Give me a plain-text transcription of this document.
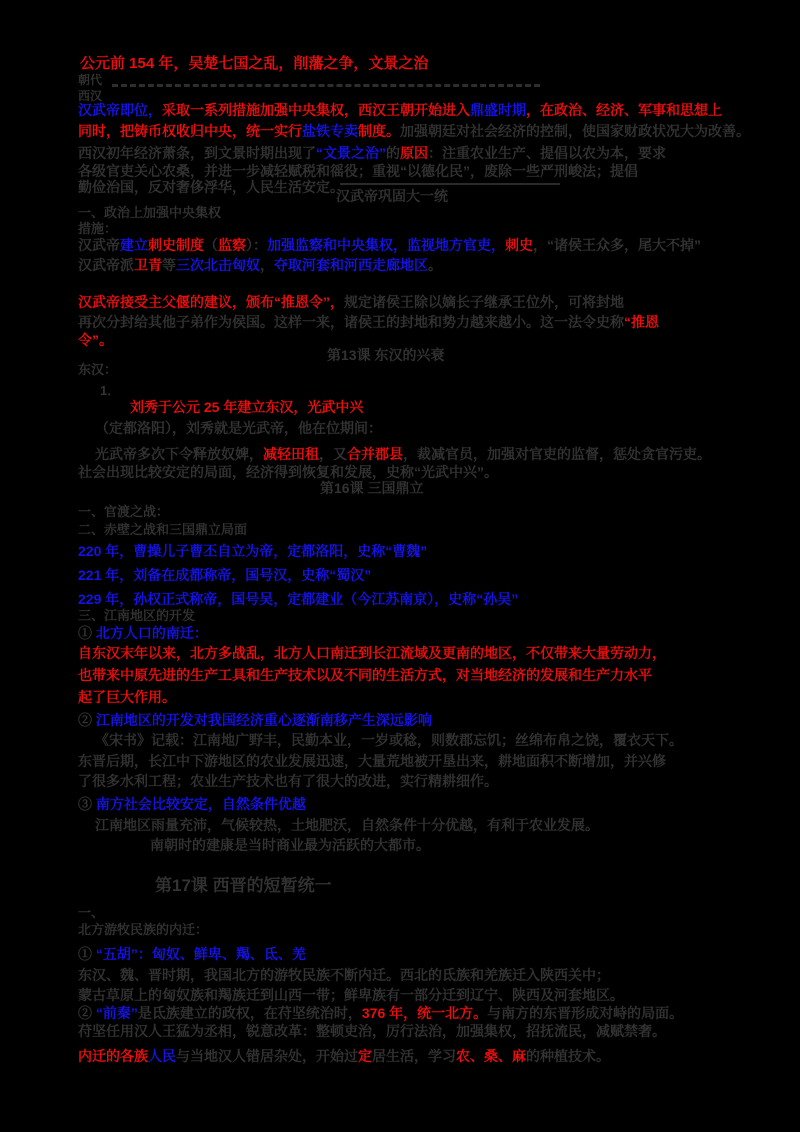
公元前 154 年，吴楚七国之乱，削藩之争，文景之治
朝代
西汉
汉武帝即位，采取一系列措施加强中央集权，西汉王朝开始进入鼎盛时期，在政治、经济、军事和思想上
同时，把铸币权收归中央，统一实行盐铁专卖制度。加强朝廷对社会经济的控制，使国家财政状况大为改善。
西汉初年经济萧条，到文景时期出现了“文景之治”的原因：注重农业生产、提倡以农为本，要求
各级官吏关心农桑，并进一步减轻赋税和徭役；重视“以德化民”，废除一些严刑峻法；提倡
勤俭治国，反对奢侈浮华，人民生活安定。
汉武帝巩固大一统
一、政治上加强中央集权
措施：
汉武帝建立刺史制度（监察）：加强监察和中央集权，监视地方官吏，刺史，“诸侯王众多，尾大不掉”
汉武帝派卫青等三次北击匈奴，夺取河套和河西走廊地区。
汉武帝接受主父偃的建议，颁布“推恩令”，规定诸侯王除以嫡长子继承王位外，可将封地
再次分封给其他子弟作为侯国。这样一来，诸侯王的封地和势力越来越小。这一法令史称“推恩
令”。
第13课 东汉的兴衰
东汉：
1．
刘秀于公元 25 年建立东汉，光武中兴
（定都洛阳），刘秀就是光武帝，他在位期间：
光武帝多次下令释放奴婢，减轻田租，又合并郡县，裁减官员，加强对官吏的监督，惩处贪官污吏。
社会出现比较安定的局面，经济得到恢复和发展，史称“光武中兴”。
第16课 三国鼎立
一、官渡之战：
二、赤壁之战和三国鼎立局面
220 年，曹操儿子曹丕自立为帝，定都洛阳，史称“曹魏”
221 年，刘备在成都称帝，国号汉，史称“蜀汉”
229 年，孙权正式称帝，国号吴，定都建业（今江苏南京），史称“孙吴”
三、江南地区的开发
① 北方人口的南迁：
自东汉末年以来，北方多战乱，北方人口南迁到长江流域及更南的地区，不仅带来大量劳动力，
也带来中原先进的生产工具和生产技术以及不同的生活方式，对当地经济的发展和生产力水平
起了巨大作用。
② 江南地区的开发对我国经济重心逐渐南移产生深远影响
《宋书》记载：江南地广野丰，民勤本业，一岁或稔，则数郡忘饥；丝绵布帛之饶，覆衣天下。
东晋后期，长江中下游地区的农业发展迅速，大量荒地被开垦出来，耕地面积不断增加，并兴修
了很多水利工程；农业生产技术也有了很大的改进，实行精耕细作。
③ 南方社会比较安定，自然条件优越
江南地区雨量充沛，气候较热，土地肥沃，自然条件十分优越，有利于农业发展。
南朝时的建康是当时商业最为活跃的大都市。
第17课 西晋的短暂统一
一、
北方游牧民族的内迁：
① “五胡”：匈奴、鲜卑、羯、氐、羌
东汉、魏、晋时期，我国北方的游牧民族不断内迁。西北的氐族和羌族迁入陕西关中；
蒙古草原上的匈奴族和羯族迁到山西一带；鲜卑族有一部分迁到辽宁、陕西及河套地区。
② “前秦”是氐族建立的政权，在苻坚统治时，376 年，统一北方。与南方的东晋形成对峙的局面。
苻坚任用汉人王猛为丞相，锐意改革：整顿吏治，厉行法治，加强集权，招抚流民，减赋禁奢。
内迁的各族人民与当地汉人错居杂处，开始过定居生活，学习农、桑、麻的种植技术。
